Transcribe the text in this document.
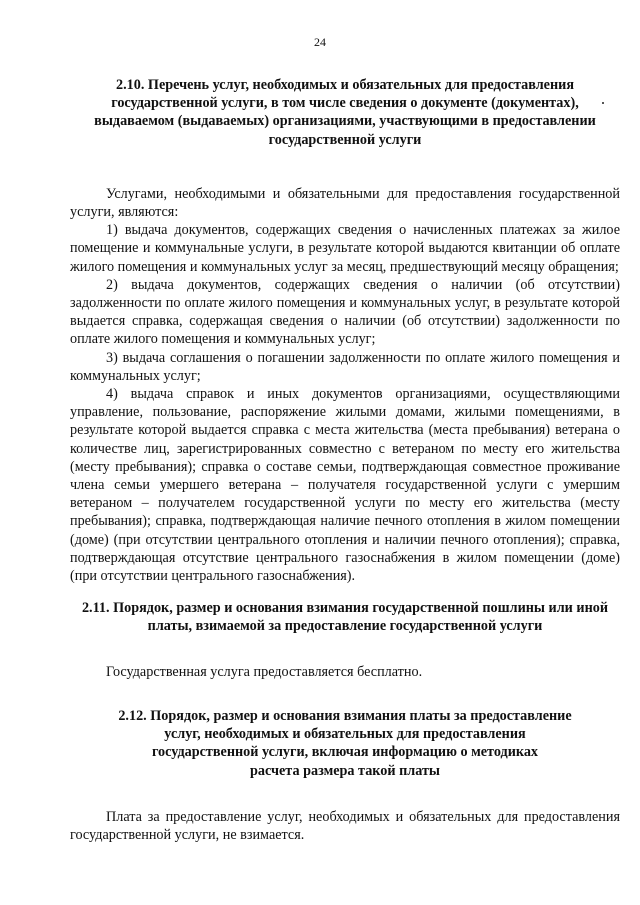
24

2.10. Перечень услуг, необходимых и обязательных для предоставления государственной услуги, в том числе сведения о документе (документах), выдаваемом (выдаваемых) организациями, участвующими в предоставлении государственной услуги

Услугами, необходимыми и обязательными для предоставления государственной услуги, являются:

1) выдача документов, содержащих сведения о начисленных платежах за жилое помещение и коммунальные услуги, в результате которой выдаются квитанции об оплате жилого помещения и коммунальных услуг за месяц, предшествующий месяцу обращения;

2) выдача документов, содержащих сведения о наличии (об отсутствии) задолженности по оплате жилого помещения и коммунальных услуг, в результате которой выдается справка, содержащая сведения о наличии (об отсутствии) задолженности по оплате жилого помещения и коммунальных услуг;

3) выдача соглашения о погашении задолженности по оплате жилого помещения и коммунальных услуг;

4) выдача справок и иных документов организациями, осуществляющими управление, пользование, распоряжение жилыми домами, жилыми помещениями, в результате которой выдается справка с места жительства (места пребывания) ветерана о количестве лиц, зарегистрированных совместно с ветераном по месту его жительства (месту пребывания); справка о составе семьи, подтверждающая совместное проживание члена семьи умершего ветерана – получателя государственной услуги с умершим ветераном – получателем государственной услуги по месту его жительства (месту пребывания); справка, подтверждающая наличие печного отопления в жилом помещении (доме) (при отсутствии центрального отопления и наличии печного отопления); справка, подтверждающая отсутствие центрального газоснабжения в жилом помещении (доме) (при отсутствии центрального газоснабжения).

2.11. Порядок, размер и основания взимания государственной пошлины или иной платы, взимаемой за предоставление государственной услуги

Государственная услуга предоставляется бесплатно.

2.12. Порядок, размер и основания взимания платы за предоставление
услуг, необходимых и обязательных для предоставления
государственной услуги, включая информацию о методиках
расчета размера такой платы

Плата за предоставление услуг, необходимых и обязательных для предоставления государственной услуги, не взимается.
